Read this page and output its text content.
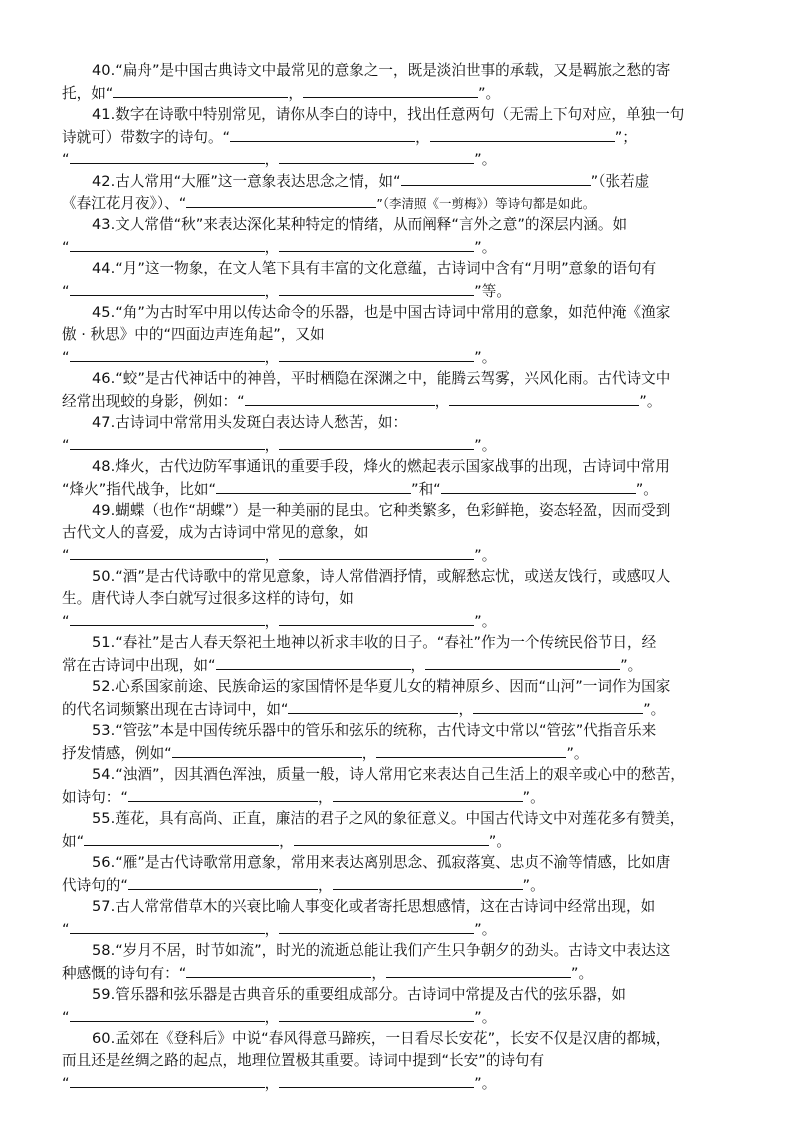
40.“扁舟”是中国古典诗文中最常见的意象之一，既是淡泊世事的承载，又是羁旅之愁的寄
托，如“	，	”。
41.数字在诗歌中特别常见，请你从李白的诗中，找出任意两句（无需上下句对应，单独一句
诗就可）带数字的诗句。“	，	”；
“	，	”。
42.古人常用“大雁”这一意象表达思念之情，如“	”（张若虚
《春江花月夜》）、“	”（李清照《一剪梅》）等诗句都是如此。
43.文人常借“秋”来表达深化某种特定的情绪，从而阐释“言外之意”的深层内涵。如
“	，	”。
44.“月”这一物象，在文人笔下具有丰富的文化意蕴，古诗词中含有“月明”意象的语句有
“	，	”等。
45.“角”为古时军中用以传达命令的乐器，也是中国古诗词中常用的意象，如范仲淹《渔家
傲 · 秋思》中的“四面边声连角起”，又如
“	，	”。
46.“蛟”是古代神话中的神兽，平时栖隐在深渊之中，能腾云驾雾，兴风化雨。古代诗文中
经常出现蛟的身影，例如：“	，	”。
47.古诗词中常常用头发斑白表达诗人愁苦，如：
“	，	”。
48.烽火，古代边防军事通讯的重要手段，烽火的燃起表示国家战事的出现，古诗词中常用
“烽火”指代战争，比如“	”和“	”。
49.蝴蝶（也作“胡蝶”）是一种美丽的昆虫。它种类繁多，色彩鲜艳，姿态轻盈，因而受到
古代文人的喜爱，成为古诗词中常见的意象，如
“	，	”。
50.“酒”是古代诗歌中的常见意象，诗人常借酒抒情，或解愁忘忧，或送友饯行，或感叹人
生。唐代诗人李白就写过很多这样的诗句，如
“	，	”。
51.“春社”是古人春天祭祀土地神以祈求丰收的日子。“春社”作为一个传统民俗节日，经
常在古诗词中出现，如“	，	”。
52.心系国家前途、民族命运的家国情怀是华夏儿女的精神原乡、因而“山河”一词作为国家
的代名词频繁出现在古诗词中，如“	，	”。
53.“管弦”本是中国传统乐器中的管乐和弦乐的统称，古代诗文中常以“管弦”代指音乐来
抒发情感，例如“	，	”。
54.“浊酒”，因其酒色浑浊，质量一般，诗人常用它来表达自己生活上的艰辛或心中的愁苦，
如诗句：“	，	”。
55.莲花，具有高尚、正直，廉洁的君子之风的象征意义。中国古代诗文中对莲花多有赞美，
如“	，	”。
56.“雁”是古代诗歌常用意象，常用来表达离别思念、孤寂落寞、忠贞不渝等情感，比如唐
代诗句的“	，	”。
57.古人常常借草木的兴衰比喻人事变化或者寄托思想感情，这在古诗词中经常出现，如
“	，	”。
58.“岁月不居，时节如流”，时光的流逝总能让我们产生只争朝夕的劲头。古诗文中表达这
种感慨的诗句有：“	，	”。
59.管乐器和弦乐器是古典音乐的重要组成部分。古诗词中常提及古代的弦乐器，如
“	，	”。
60.孟郊在《登科后》中说“春风得意马蹄疾，一日看尽长安花”，长安不仅是汉唐的都城，
而且还是丝绸之路的起点，地理位置极其重要。诗词中提到“长安”的诗句有
“	，	”。
